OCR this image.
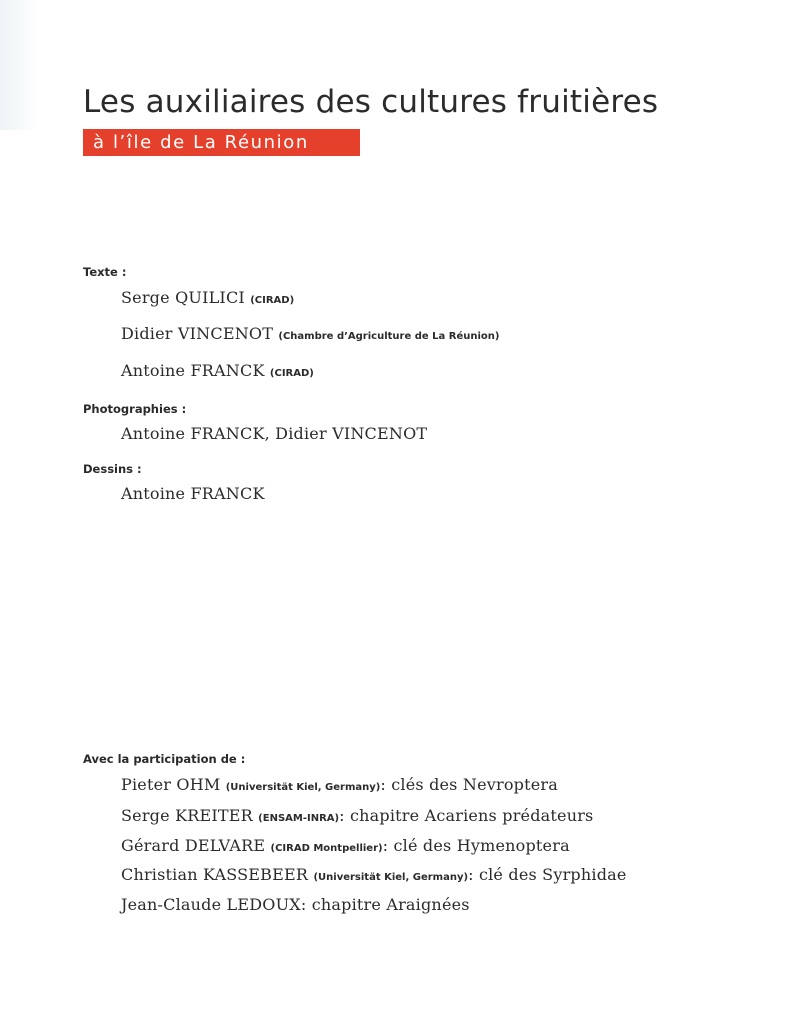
Les auxiliaires des cultures fruitières
à l’île de La Réunion

Texte :

Serge QUILICI (CIRAD)

Didier VINCENOT (Chambre d’Agriculture de La Réunion)

Antoine FRANCK (CIRAD)

Photographies :

Antoine FRANCK, Didier VINCENOT

Dessins :

Antoine FRANCK

Avec la participation de :

Pieter OHM (Universität Kiel, Germany): clés des Nevroptera

Serge KREITER (ENSAM-INRA): chapitre Acariens prédateurs

Gérard DELVARE (CIRAD Montpellier): clé des Hymenoptera

Christian KASSEBEER (Universität Kiel, Germany): clé des Syrphidae

Jean-Claude LEDOUX: chapitre Araignées
